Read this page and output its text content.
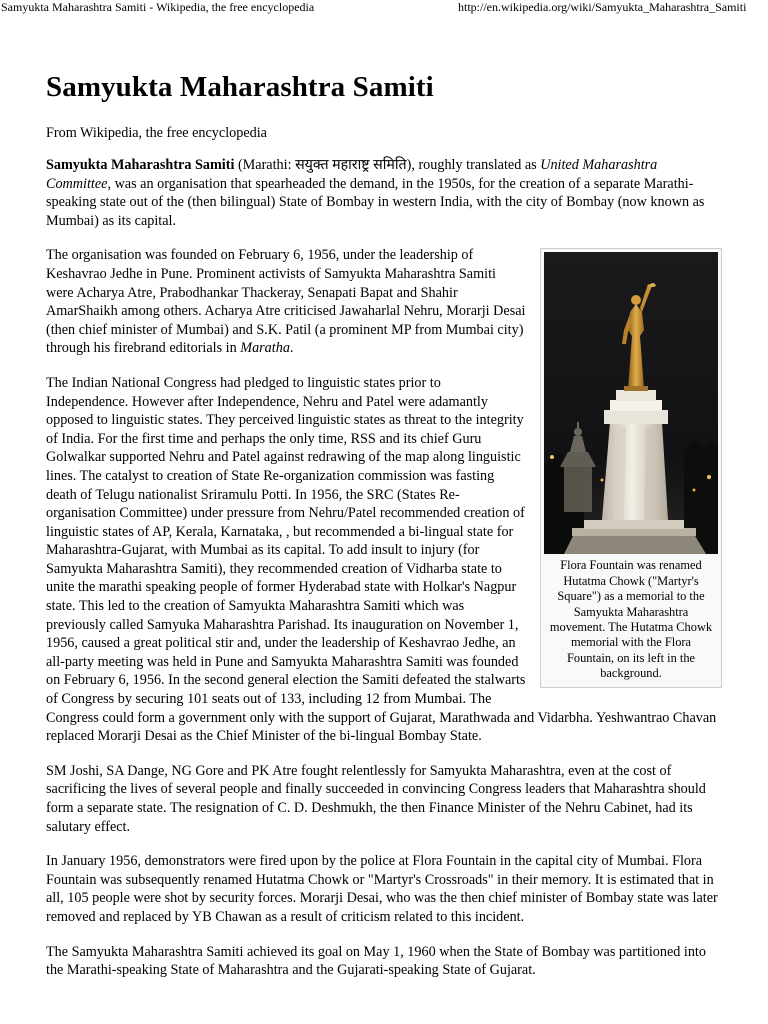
Samyukta Maharashtra Samiti - Wikipedia, the free encyclopedia	http://en.wikipedia.org/wiki/Samyukta_Maharashtra_Samiti
Samyukta Maharashtra Samiti
From Wikipedia, the free encyclopedia

Samyukta Maharashtra Samiti (Marathi: सयुक्त महाराष्ट्र समिति), roughly translated as United Maharashtra Committee, was an organisation that spearheaded the demand, in the 1950s, for the creation of a separate Marathi-speaking state out of the (then bilingual) State of Bombay in western India, with the city of Bombay (now known as Mumbai) as its capital.

Flora Fountain was renamed Hutatma Chowk ("Martyr's Square") as a memorial to the Samyukta Maharashtra movement. The Hutatma Chowk memorial with the Flora Fountain, on its left in the background.

The organisation was founded on February 6, 1956, under the leadership of Keshavrao Jedhe in Pune. Prominent activists of Samyukta Maharashtra Samiti were Acharya Atre, Prabodhankar Thackeray, Senapati Bapat and Shahir AmarShaikh among others. Acharya Atre criticised Jawaharlal Nehru, Morarji Desai (then chief minister of Mumbai) and S.K. Patil (a prominent MP from Mumbai city) through his firebrand editorials in Maratha.

The Indian National Congress had pledged to linguistic states prior to Independence. However after Independence, Nehru and Patel were adamantly opposed to linguistic states. They perceived linguistic states as threat to the integrity of India. For the first time and perhaps the only time, RSS and its chief Guru Golwalkar supported Nehru and Patel against redrawing of the map along linguistic lines. The catalyst to creation of State Re-organization commission was fasting death of Telugu nationalist Sriramulu Potti. In 1956, the SRC (States Re-organisation Committee) under pressure from Nehru/Patel recommended creation of linguistic states of AP, Kerala, Karnataka, , but recommended a bi-lingual state for Maharashtra-Gujarat, with Mumbai as its capital. To add insult to injury (for Samyukta Maharashtra Samiti), they recommended creation of Vidharba state to unite the marathi speaking people of former Hyderabad state with Holkar's Nagpur state. This led to the creation of Samyukta Maharashtra Samiti which was previously called Samyuka Maharashtra Parishad. Its inauguration on November 1, 1956, caused a great political stir and, under the leadership of Keshavrao Jedhe, an all-party meeting was held in Pune and Samyukta Maharashtra Samiti was founded on February 6, 1956. In the second general election the Samiti defeated the stalwarts of Congress by securing 101 seats out of 133, including 12 from Mumbai. The Congress could form a government only with the support of Gujarat, Marathwada and Vidarbha. Yeshwantrao Chavan replaced Morarji Desai as the Chief Minister of the bi-lingual Bombay State.

SM Joshi, SA Dange, NG Gore and PK Atre fought relentlessly for Samyukta Maharashtra, even at the cost of sacrificing the lives of several people and finally succeeded in convincing Congress leaders that Maharashtra should form a separate state. The resignation of C. D. Deshmukh, the then Finance Minister of the Nehru Cabinet, had its salutary effect.

In January 1956, demonstrators were fired upon by the police at Flora Fountain in the capital city of Mumbai. Flora Fountain was subsequently renamed Hutatma Chowk or "Martyr's Crossroads" in their memory. It is estimated that in all, 105 people were shot by security forces. Morarji Desai, who was the then chief minister of Bombay state was later removed and replaced by YB Chawan as a result of criticism related to this incident.

The Samyukta Maharashtra Samiti achieved its goal on May 1, 1960 when the State of Bombay was partitioned into the Marathi-speaking State of Maharashtra and the Gujarati-speaking State of Gujarat.
